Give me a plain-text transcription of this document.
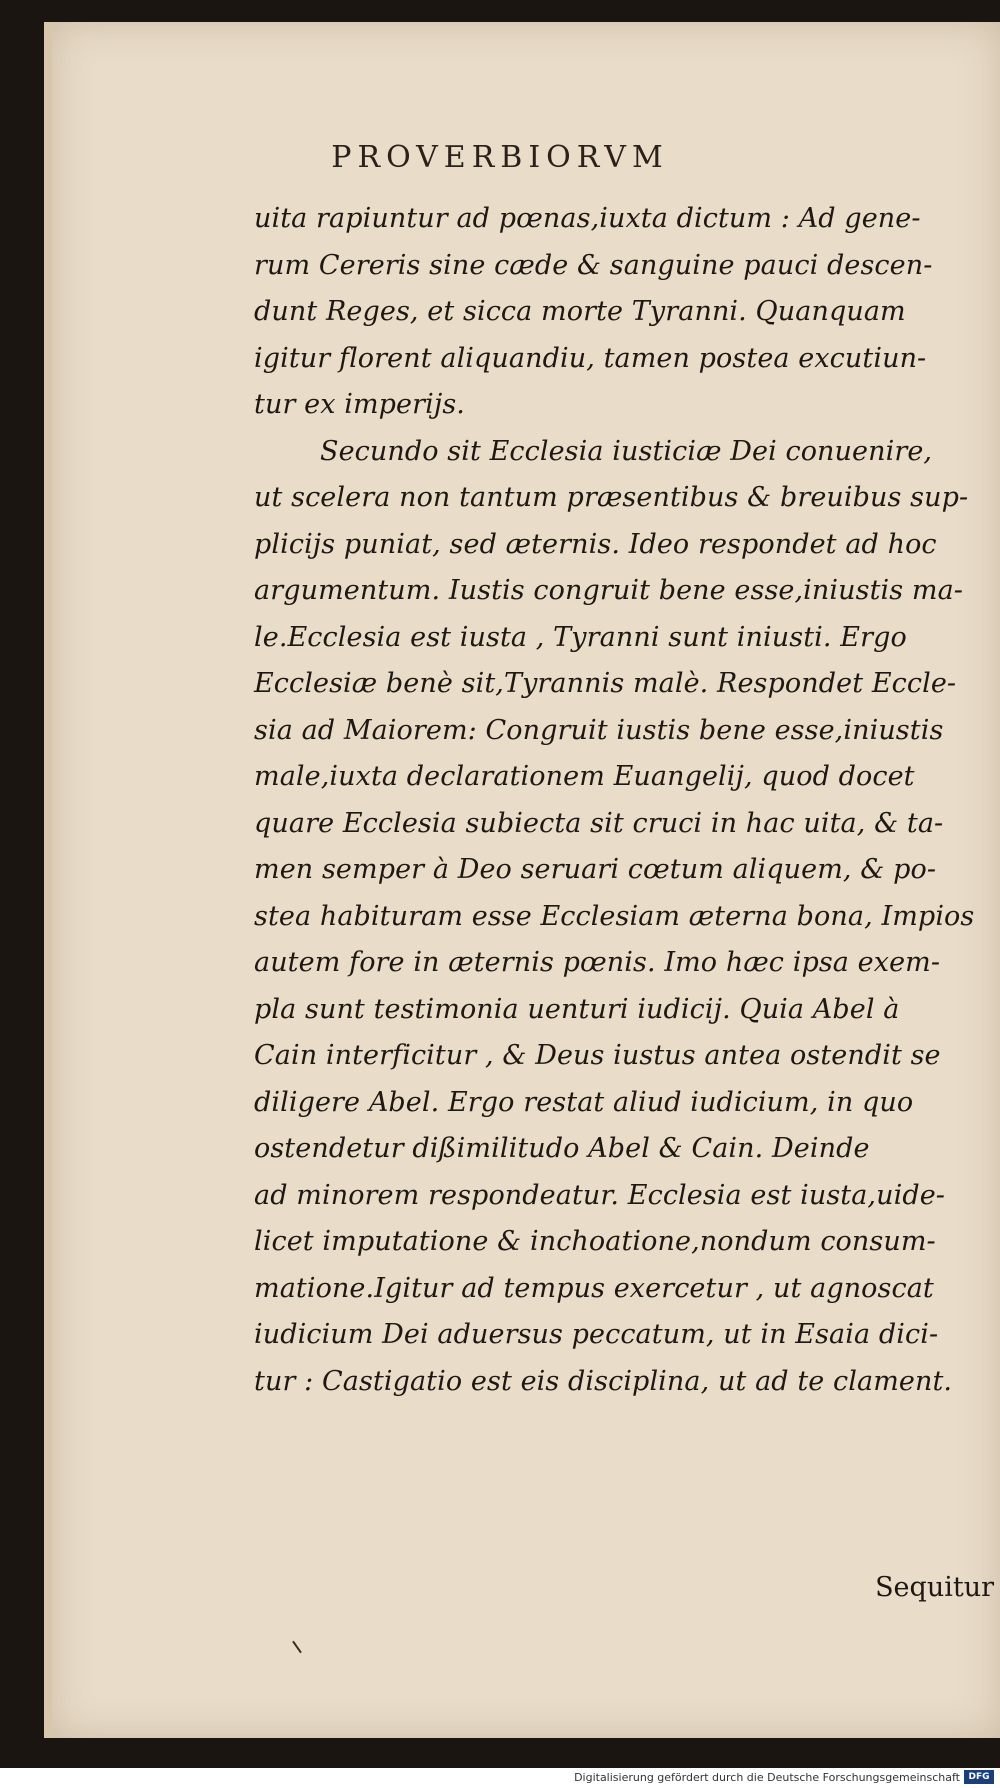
PROVERBIORVM
uita rapiuntur ad pœnas,iuxta dictum : Ad gene-
rum Cereris sine cæde & sanguine pauci descen-
dunt Reges, et sicca morte Tyranni. Quanquam
igitur florent aliquandiu, tamen postea excutiun-
tur ex imperijs.
Secundo sit Ecclesia iusticiæ Dei conuenire,
ut scelera non tantum præsentibus & breuibus sup-
plicijs puniat, sed æternis. Ideo respondet ad hoc
argumentum. Iustis congruit bene esse,iniustis ma-
le.Ecclesia est iusta , Tyranni sunt iniusti. Ergo
Ecclesiæ benè sit,Tyrannis malè. Respondet Eccle-
sia ad Maiorem: Congruit iustis bene esse,iniustis
male,iuxta declarationem Euangelij, quod docet
quare Ecclesia subiecta sit cruci in hac uita, & ta-
men semper à Deo seruari cœtum aliquem, & po-
stea habituram esse Ecclesiam æterna bona, Impios
autem fore in æternis pœnis. Imo hæc ipsa exem-
pla sunt testimonia uenturi iudicij. Quia Abel à
Cain interficitur , & Deus iustus antea ostendit se
diligere Abel. Ergo restat aliud iudicium, in quo
ostendetur dißimilitudo Abel & Cain. Deinde
ad minorem respondeatur. Ecclesia est iusta,uide-
licet imputatione & inchoatione,nondum consum-
matione.Igitur ad tempus exercetur , ut agnoscat
iudicium Dei aduersus peccatum, ut in Esaia dici-
tur : Castigatio est eis disciplina, ut ad te clament.
Sequitur
Digitalisierung gefördert durch die Deutsche Forschungsgemeinschaft DFG
